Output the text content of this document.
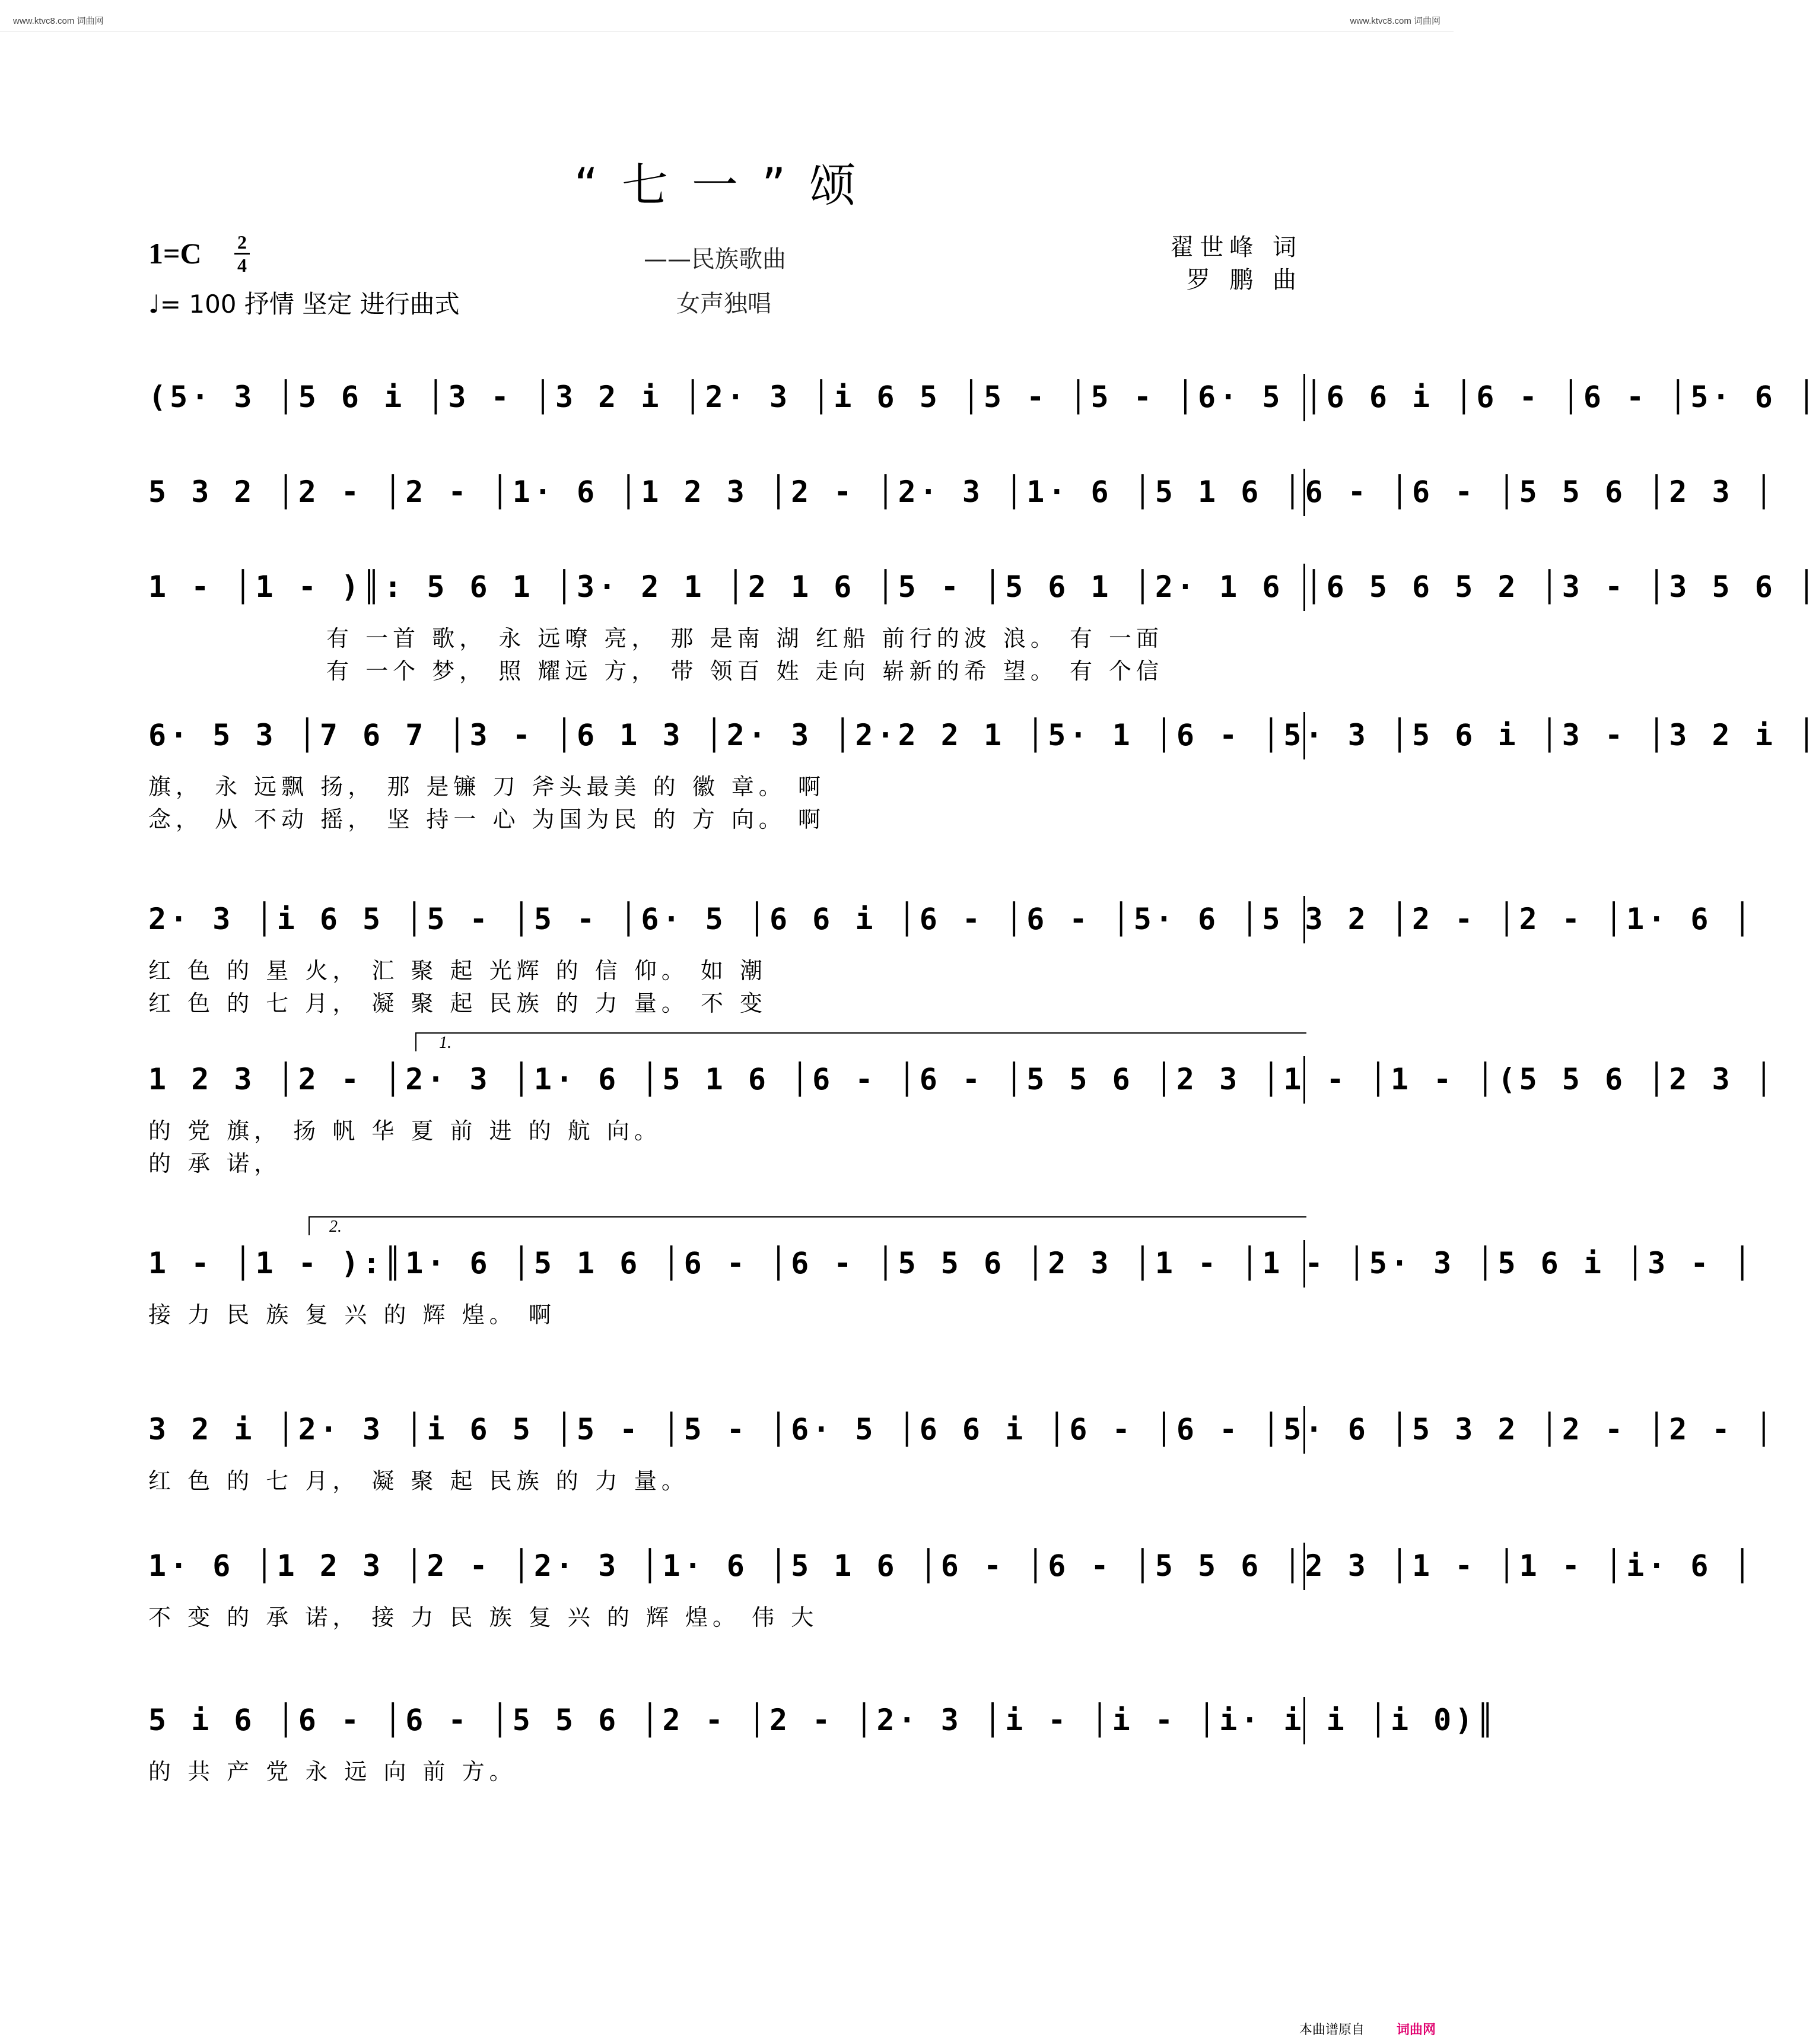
www.ktvc8.com 词曲网	www.ktvc8.com 词曲网
“七一”颂
1=C 2
4
♩= 100 抒情 坚定 进行曲式
——民族歌曲
女声独唱
翟世峰 词
罗 鹏 曲
(5· 3 │5 6 i │3 - │3 2 i │2· 3 │i 6 5 │5 - │5 - │6· 5 │6 6 i │6 - │6 - │5· 6 │
5 3 2 │2 - │2 - │1· 6 │1 2 3 │2 - │2· 3 │1· 6 │5 1 6 │6 - │6 - │5 5 6 │2 3 │
1 - │1 - )║: 5 6 1 │3· 2 1 │2 1 6 │5 - │5 6 1 │2· 1 6 │6 5 6 5 2 │3 - │3 5 6 │
有 一首 歌， 永 远嘹 亮， 那 是南 湖 红船 前行的波 浪。 有 一面
有 一个 梦， 照 耀远 方， 带 领百 姓 走向 崭新的希 望。 有 个信
6· 5 3 │7 6 7 │3 - │6 1 3 │2· 3 │2·2 2 1 │5· 1 │6 - │5· 3 │5 6 i │3 - │3 2 i │
旗， 永 远飘 扬， 那 是镰 刀 斧头最美 的 徽 章。 啊
念， 从 不动 摇， 坚 持一 心 为国为民 的 方 向。 啊
2· 3 │i 6 5 │5 - │5 - │6· 5 │6 6 i │6 - │6 - │5· 6 │5 3 2 │2 - │2 - │1· 6 │
红 色 的 星 火， 汇 聚 起 光辉 的 信 仰。 如 潮
红 色 的 七 月， 凝 聚 起 民族 的 力 量。 不 变
1.
1 2 3 │2 - │2· 3 │1· 6 │5 1 6 │6 - │6 - │5 5 6 │2 3 │1 - │1 - │(5 5 6 │2 3 │
的 党 旗， 扬 帆 华 夏 前 进 的 航 向。
的 承 诺，
2.
1 - │1 - ):║1· 6 │5 1 6 │6 - │6 - │5 5 6 │2 3 │1 - │1 - │5· 3 │5 6 i │3 - │
接 力 民 族 复 兴 的 辉 煌。 啊
3 2 i │2· 3 │i 6 5 │5 - │5 - │6· 5 │6 6 i │6 - │6 - │5· 6 │5 3 2 │2 - │2 - │
红 色 的 七 月， 凝 聚 起 民族 的 力 量。
1· 6 │1 2 3 │2 - │2· 3 │1· 6 │5 1 6 │6 - │6 - │5 5 6 │2 3 │1 - │1 - │i· 6 │
不 变 的 承 诺， 接 力 民 族 复 兴 的 辉 煌。 伟 大
5 i 6 │6 - │6 - │5 5 6 │2 - │2 - │2· 3 │i - │i - │i· i i │i 0)║
的 共 产 党 永 远 向 前 方。
本曲谱原自 词曲网
